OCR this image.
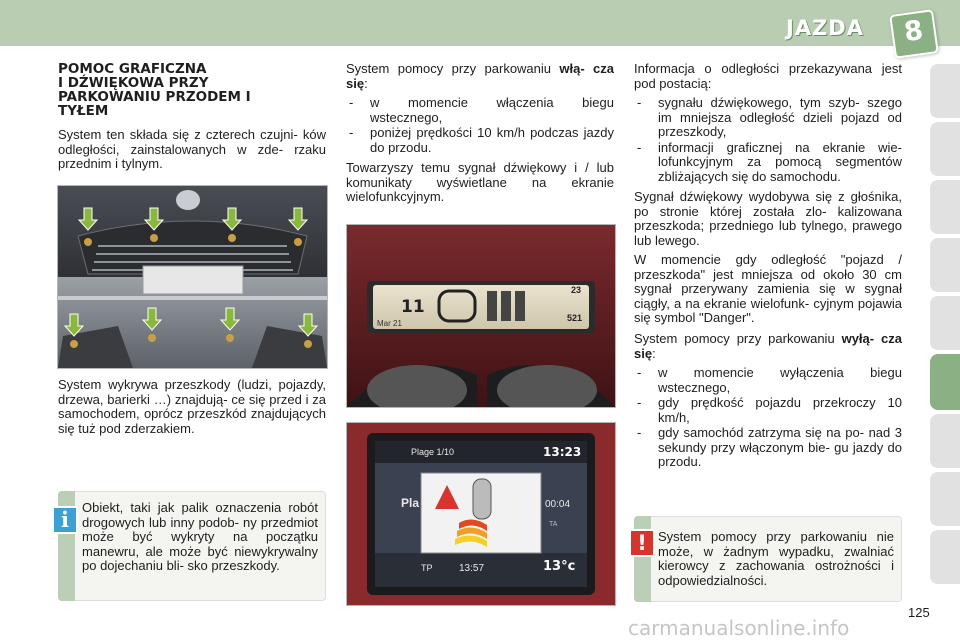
JAZDA	8
POMOC GRAFICZNA
I DŹWIĘKOWA PRZY
PARKOWANIU PRZODEM I
TYŁEM

System ten składa się z czterech czujni- ków odległości, zainstalowanych w zde- rzaku przednim i tylnym.

System wykrywa przeszkody (ludzi, pojazdy, drzewa, barierki …) znajdują- ce się przed i za samochodem, oprócz przeszkód znajdujących się tuż pod zderzakiem.

Obiekt, taki jak palik oznaczenia robót drogowych lub inny podob- ny przedmiot może być wykryty na początku manewru, ale może być niewykrywalny po dojechaniu bli- sko przeszkody.
i

System pomocy przy parkowaniu włą- cza się:

- w momencie włączenia biegu wstecznego,
- poniżej prędkości 10 km/h podczas jazdy do przodu.

Towarzyszy temu sygnał dźwiękowy i / lub komunikaty wyświetlane na ekranie wielofunkcyjnym.

11
Mar 21
23
521
Plage 1/10	13:23
Pla	00:04
TA
TP	13:57	13°c

Informacja o odległości przekazywana jest pod postacią:

- sygnału dźwiękowego, tym szyb- szego im mniejsza odległość dzieli pojazd od przeszkody,
- informacji graficznej na ekranie wie- lofunkcyjnym za pomocą segmentów zbliżających się do samochodu.

Sygnał dźwiękowy wydobywa się z głośnika, po stronie której została zlo- kalizowana przeszkoda; przedniego lub tylnego, prawego lub lewego.

W momencie gdy odległość "pojazd / przeszkoda" jest mniejsza od około 30 cm sygnał przerywany zamienia się w sygnał ciągły, a na ekranie wielofunk- cyjnym pojawia się symbol "Danger".

System pomocy przy parkowaniu wyłą- cza się:

- w momencie wyłączenia biegu wstecznego,
- gdy prędkość pojazdu przekroczy 10 km/h,
- gdy samochód zatrzyma się na po- nad 3 sekundy przy włączonym bie- gu jazdy do przodu.
System pomocy przy parkowaniu nie może, w żadnym wypadku, zwalniać kierowcy z zachowania ostrożności i odpowiedzialności.
!
125
carmanualsonline.info
